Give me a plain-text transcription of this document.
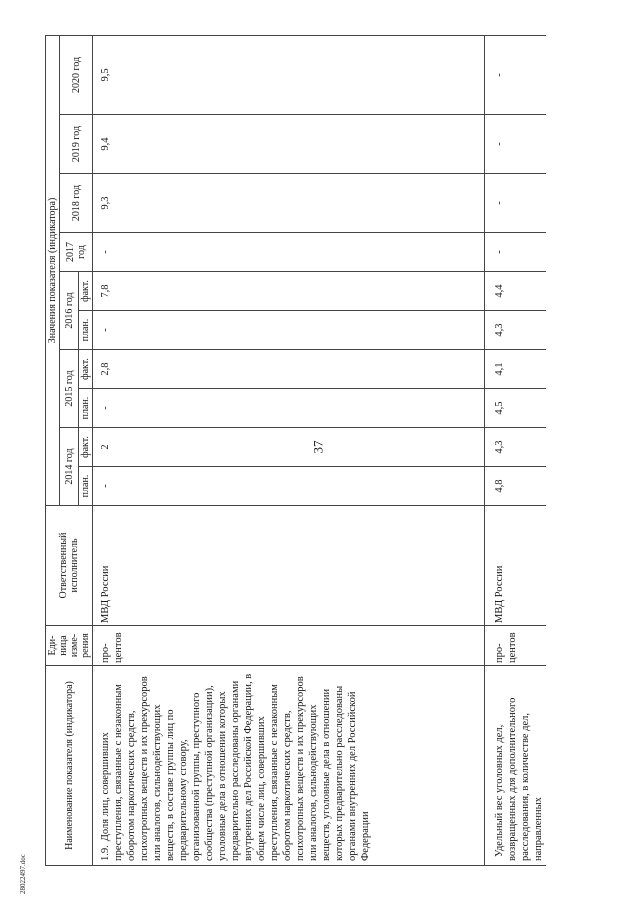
37
Наименование показателя (индикатора)	Еди-ница изме-рения	Ответственный исполнитель	Значения показателя (индикатора)									
			2014 год		2015 год		2016 год		2017 год	2018 год	2019 год	2020 год
			план.	факт.	план.	факт.	план.	факт.				
1.9.Доля лиц, совершивших преступления, связанные с незаконным оборотом наркотических средств, психотропных веществ и их прекурсоров или аналогов, сильнодействующих веществ, в составе группы лиц по предварительному сговору, организованной группы, преступного сообщества (преступной организации), уголовные дела в отношении которых предварительно расследованы органами внутренних дел Российской Федерации, в общем числе лиц, совершивших преступления, связанные с незаконным оборотом наркотических средств, психотропных веществ и их прекурсоров или аналогов, сильнодействующих веществ, уголовные дела в отношении которых предварительно расследованы органами внутренних дел Российской Федерации	про-центов	МВД России	-	2	-	2,8	-	7,8	-	9,3	9,4	9,5
Удельный вес уголовных дел, возвращенных для дополнительного расследования, в количестве дел, направленных	про-центов	МВД России	4,8	4,3	4,5	4,1	4,3	4,4	-	-	-	-
28022497.doc
